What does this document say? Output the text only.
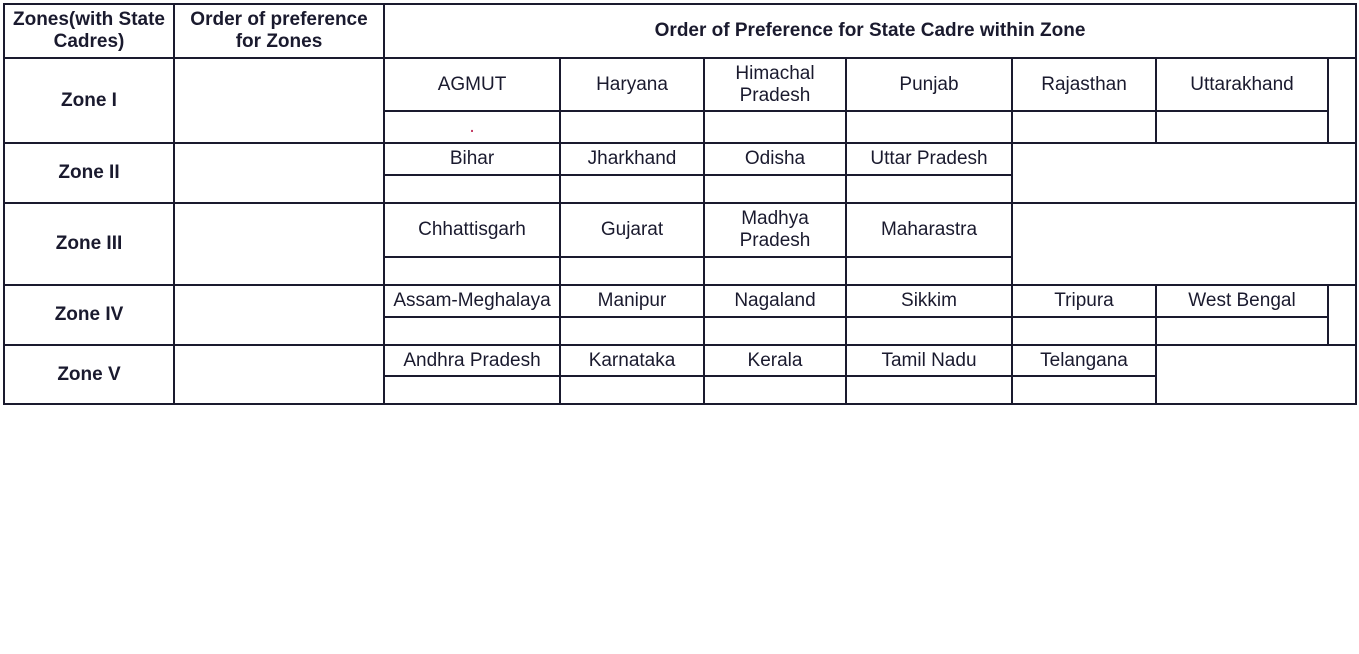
Zones(with State Cadres)	Order of preference for Zones	Order of Preference for State Cadre within Zone						
Zone I		AGMUT	Haryana	Himachal Pradesh	Punjab	Rajasthan	Uttarakhand	
		.						
Zone II		Bihar	Jharkhand	Odisha	Uttar Pradesh			

Zone III		Chhattisgarh	Gujarat	Madhya Pradesh	Maharastra			

Zone IV		Assam-Meghalaya	Manipur	Nagaland	Sikkim	Tripura	West Bengal	

Zone V		Andhra Pradesh	Karnataka	Kerala	Tamil Nadu	Telangana		
